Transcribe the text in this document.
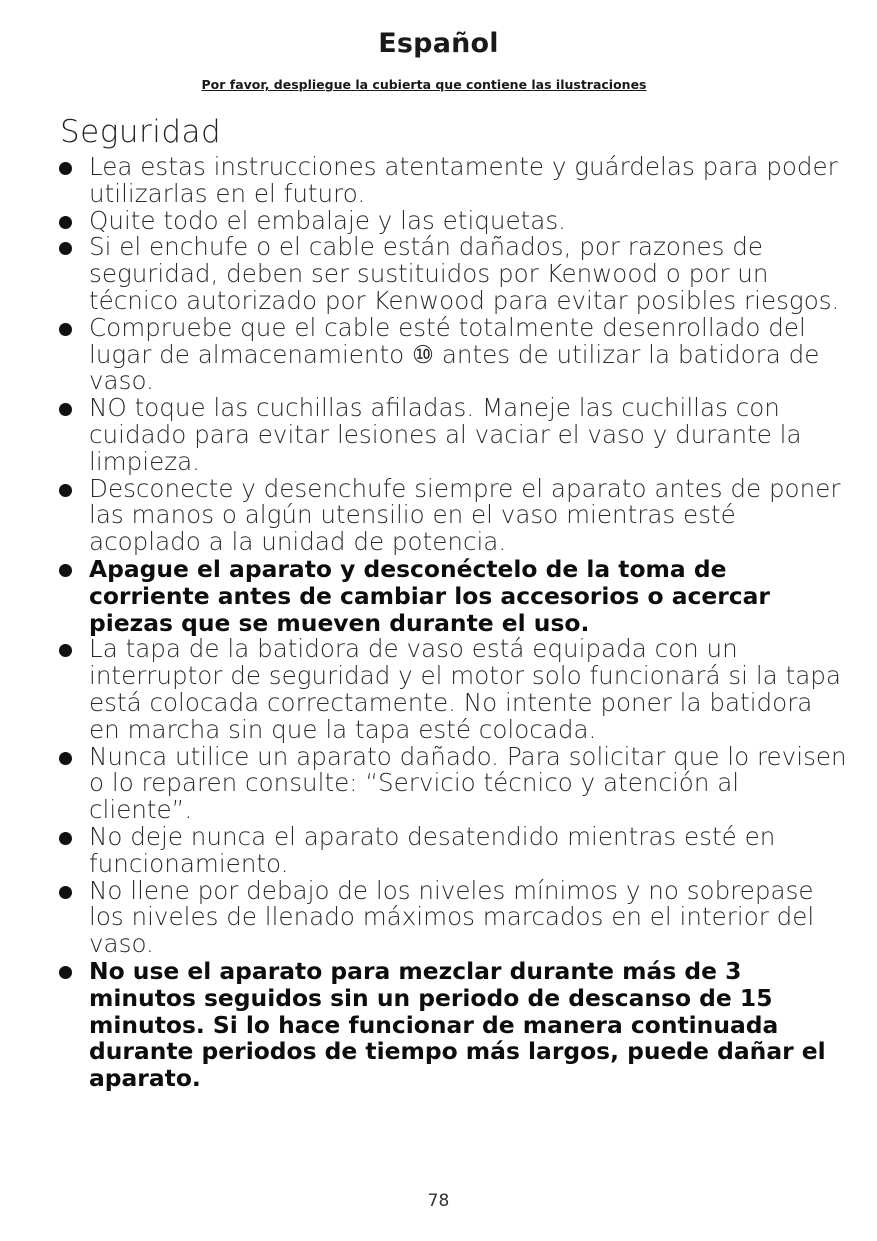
Español
Por favor, despliegue la cubierta que contiene las ilustraciones
Seguridad
Lea estas instrucciones atentamente y guárdelas para poder utilizarlas en el futuro.
Quite todo el embalaje y las etiquetas.
Si el enchufe o el cable están dañados, por razones de seguridad, deben ser sustituidos por Kenwood o por un técnico autorizado por Kenwood para evitar posibles riesgos.
Compruebe que el cable esté totalmente desenrollado del lugar de almacenamiento ⑩ antes de utilizar la batidora de vaso.
NO toque las cuchillas afiladas. Maneje las cuchillas con cuidado para evitar lesiones al vaciar el vaso y durante la limpieza.
Desconecte y desenchufe siempre el aparato antes de poner las manos o algún utensilio en el vaso mientras esté acoplado a la unidad de potencia.
Apague el aparato y desconéctelo de la toma de corriente antes de cambiar los accesorios o acercar piezas que se mueven durante el uso.
La tapa de la batidora de vaso está equipada con un interruptor de seguridad y el motor solo funcionará si la tapa está colocada correctamente. No intente poner la batidora en marcha sin que la tapa esté colocada.
Nunca utilice un aparato dañado. Para solicitar que lo revisen o lo reparen consulte: “Servicio técnico y atención al cliente”.
No deje nunca el aparato desatendido mientras esté en funcionamiento.
No llene por debajo de los niveles mínimos y no sobrepase los niveles de llenado máximos marcados en el interior del vaso.
No use el aparato para mezclar durante más de 3 minutos seguidos sin un periodo de descanso de 15 minutos. Si lo hace funcionar de manera continuada durante periodos de tiempo más largos, puede dañar el aparato.
78
